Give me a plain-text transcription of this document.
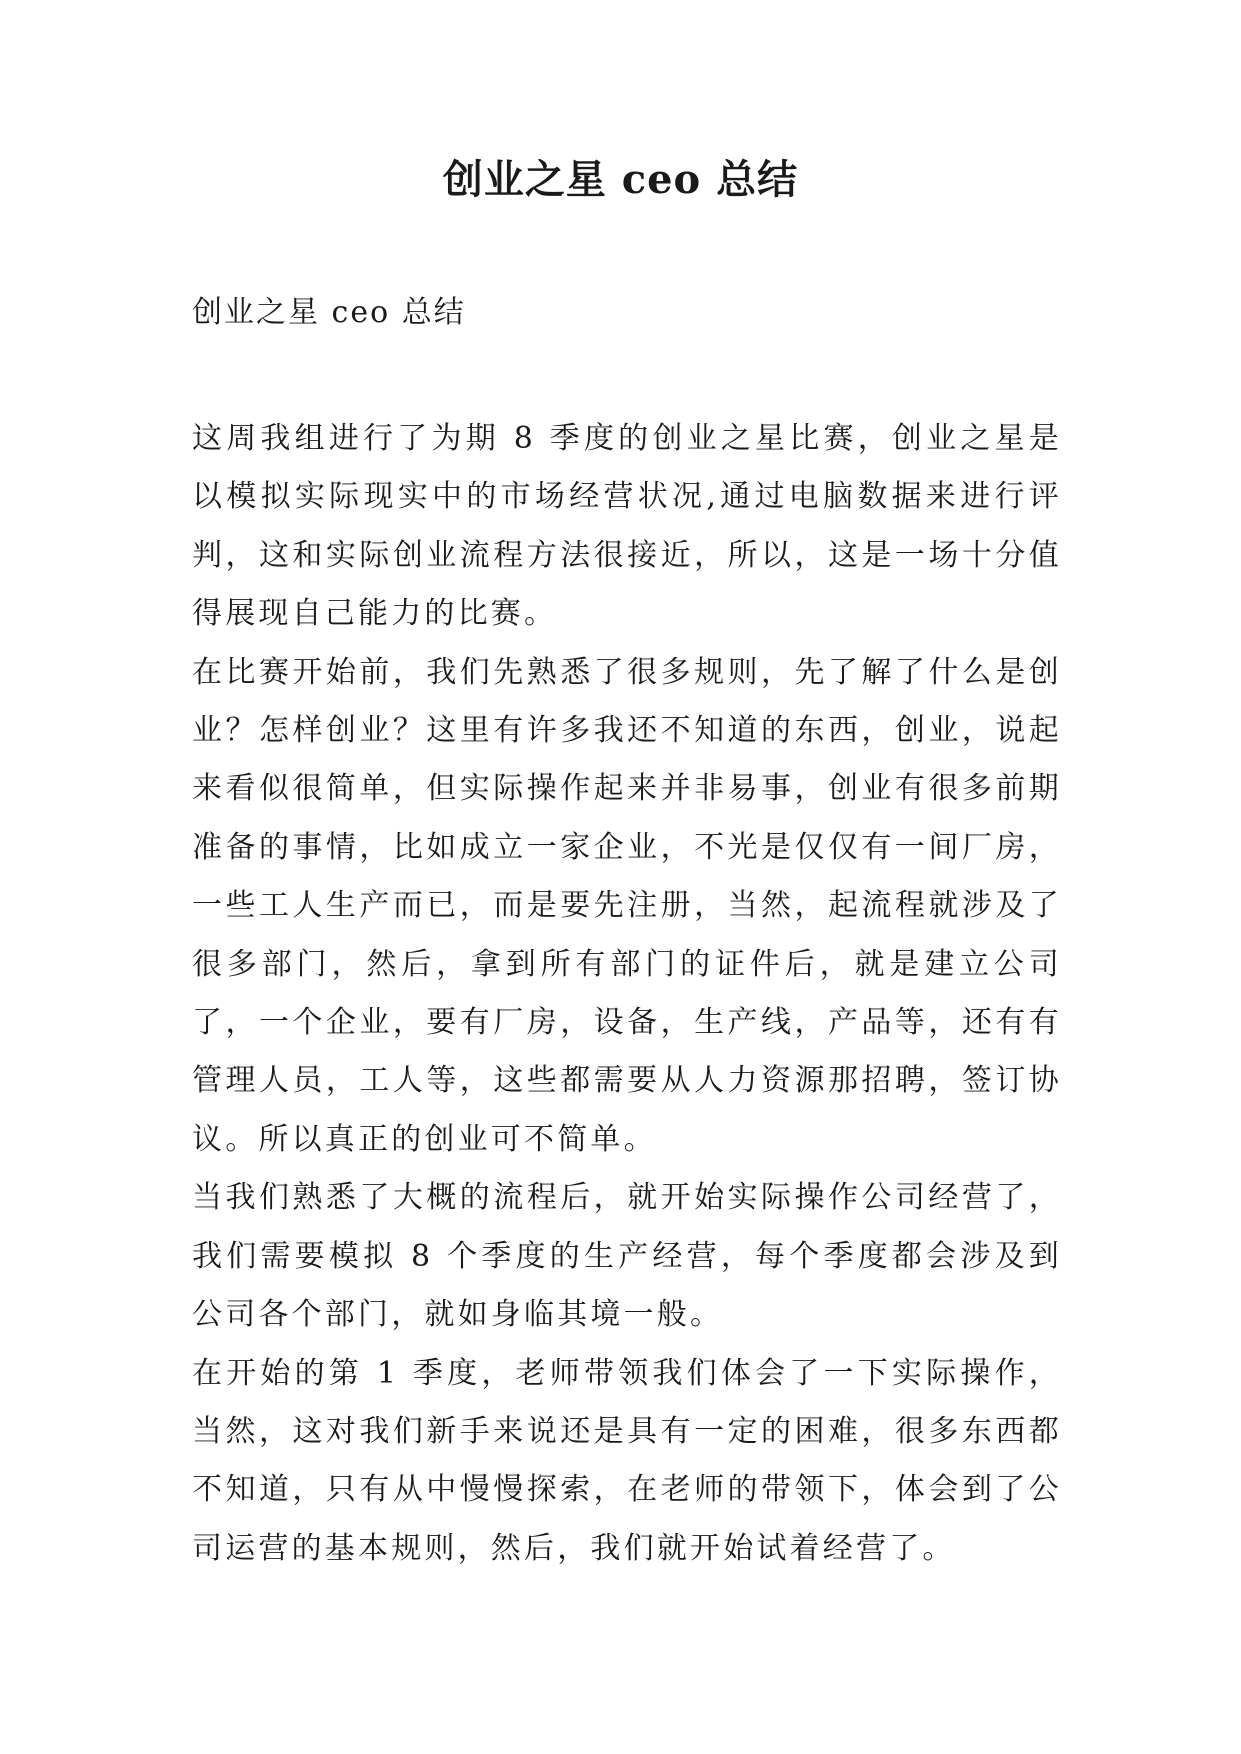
创业之星 ceo 总结
创业之星 ceo 总结

这周我组进行了为期 8 季度的创业之星比赛，创业之星是以模拟实际现实中的市场经营状况,通过电脑数据来进行评判，这和实际创业流程方法很接近，所以，这是一场十分值得展现自己能力的比赛。

在比赛开始前，我们先熟悉了很多规则，先了解了什么是创业？怎样创业？这里有许多我还不知道的东西，创业，说起来看似很简单，但实际操作起来并非易事，创业有很多前期准备的事情，比如成立一家企业，不光是仅仅有一间厂房，一些工人生产而已，而是要先注册，当然，起流程就涉及了很多部门，然后，拿到所有部门的证件后，就是建立公司了，一个企业，要有厂房，设备，生产线，产品等，还有有管理人员，工人等，这些都需要从人力资源那招聘，签订协议。所以真正的创业可不简单。

当我们熟悉了大概的流程后，就开始实际操作公司经营了，我们需要模拟 8 个季度的生产经营，每个季度都会涉及到公司各个部门，就如身临其境一般。

在开始的第 1 季度，老师带领我们体会了一下实际操作，当然，这对我们新手来说还是具有一定的困难，很多东西都不知道，只有从中慢慢探索，在老师的带领下，体会到了公司运营的基本规则，然后，我们就开始试着经营了。
